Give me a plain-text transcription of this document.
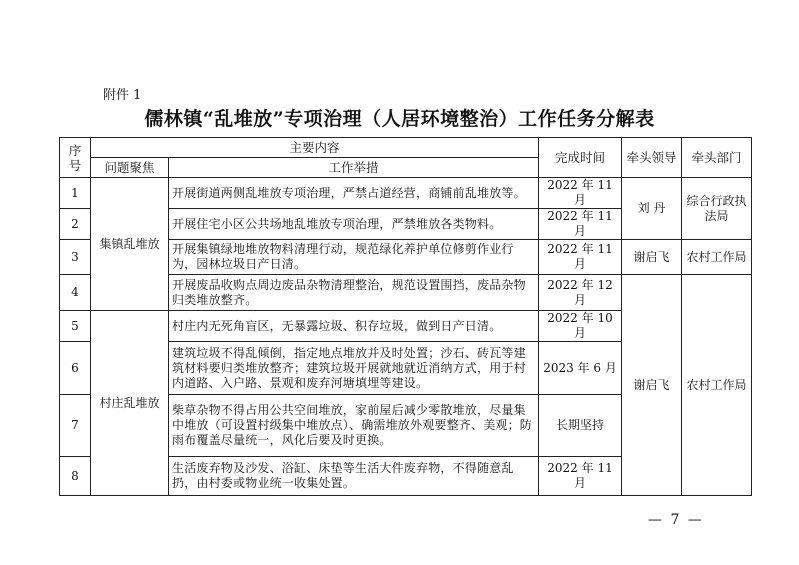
附件 1
儒林镇“乱堆放”专项治理（人居环境整治）工作任务分解表
序号	主要内容		完成时间	牵头领导	牵头部门
	问题聚焦	工作举措			
1	集镇乱堆放	开展街道两侧乱堆放专项治理，严禁占道经营，商铺前乱堆放等。	2022 年 11 月	刘 丹	综合行政执法局
2		开展住宅小区公共场地乱堆放专项治理，严禁堆放各类物料。	2022 年 11 月		
3		开展集镇绿地堆放物料清理行动，规范绿化养护单位修剪作业行为，园林垃圾日产日清。	2022 年 11 月	谢启飞	农村工作局
4		开展废品收购点周边废品杂物清理整治，规范设置围挡，废品杂物归类堆放整齐。	2022 年 12 月	谢启飞	农村工作局
5	村庄乱堆放	村庄内无死角盲区，无暴露垃圾、积存垃圾，做到日产日清。	2022 年 10 月		
6		建筑垃圾不得乱倾倒，指定地点堆放并及时处置；沙石、砖瓦等建筑材料要归类堆放整齐；建筑垃圾开展就地就近消纳方式，用于村内道路、入户路、景观和废弃河塘填埋等建设。	2023 年 6 月		
7		柴草杂物不得占用公共空间堆放，家前屋后减少零散堆放，尽量集中堆放（可设置村级集中堆放点）、确需堆放外观要整齐、美观；防雨布覆盖尽量统一，风化后要及时更换。	长期坚持		
8		生活废弃物及沙发、浴缸、床垫等生活大件废弃物，不得随意乱扔，由村委或物业统一收集处置。	2022 年 11 月		
— 7 —
